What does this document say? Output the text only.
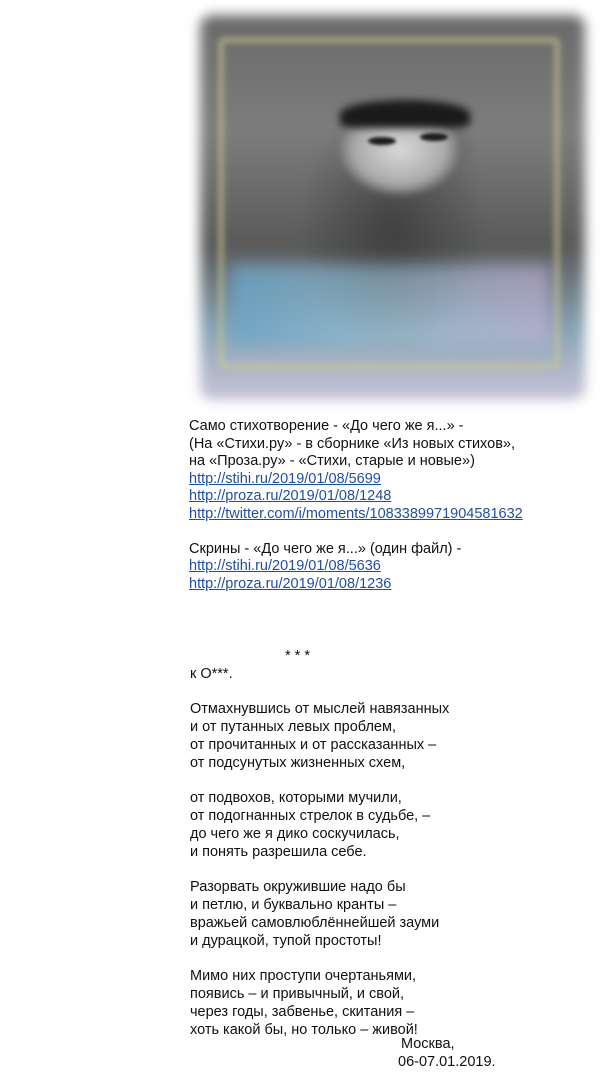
Само стихотворение - «До чего же я...» -
(На «Стихи.ру» - в сборнике «Из новых стихов»,
на «Проза.ру» - «Стихи, старые и новые»)
http://stihi.ru/2019/01/08/5699
http://proza.ru/2019/01/08/1248
http://twitter.com/i/moments/1083389971904581632
Скрины - «До чего же я...» (один файл) -
http://stihi.ru/2019/01/08/5636
http://proza.ru/2019/01/08/1236
* * *
к О***.
Отмахнувшись от мыслей навязанных
и от путанных левых проблем,
от прочитанных и от рассказанных –
от подсунутых жизненных схем,
от подвохов, которыми мучили,
от подогнанных стрелок в судьбе, –
до чего же я дико соскучилась,
и понять разрешила себе.
Разорвать окружившие надо бы
и петлю, и буквально кранты –
вражьей самовлюблённейшей зауми
и дурацкой, тупой простоты!
Мимо них проступи очертаньями,
появись – и привычный, и свой,
через годы, забвенье, скитания –
хоть какой бы, но только – живой!
Москва,
06-07.01.2019.
